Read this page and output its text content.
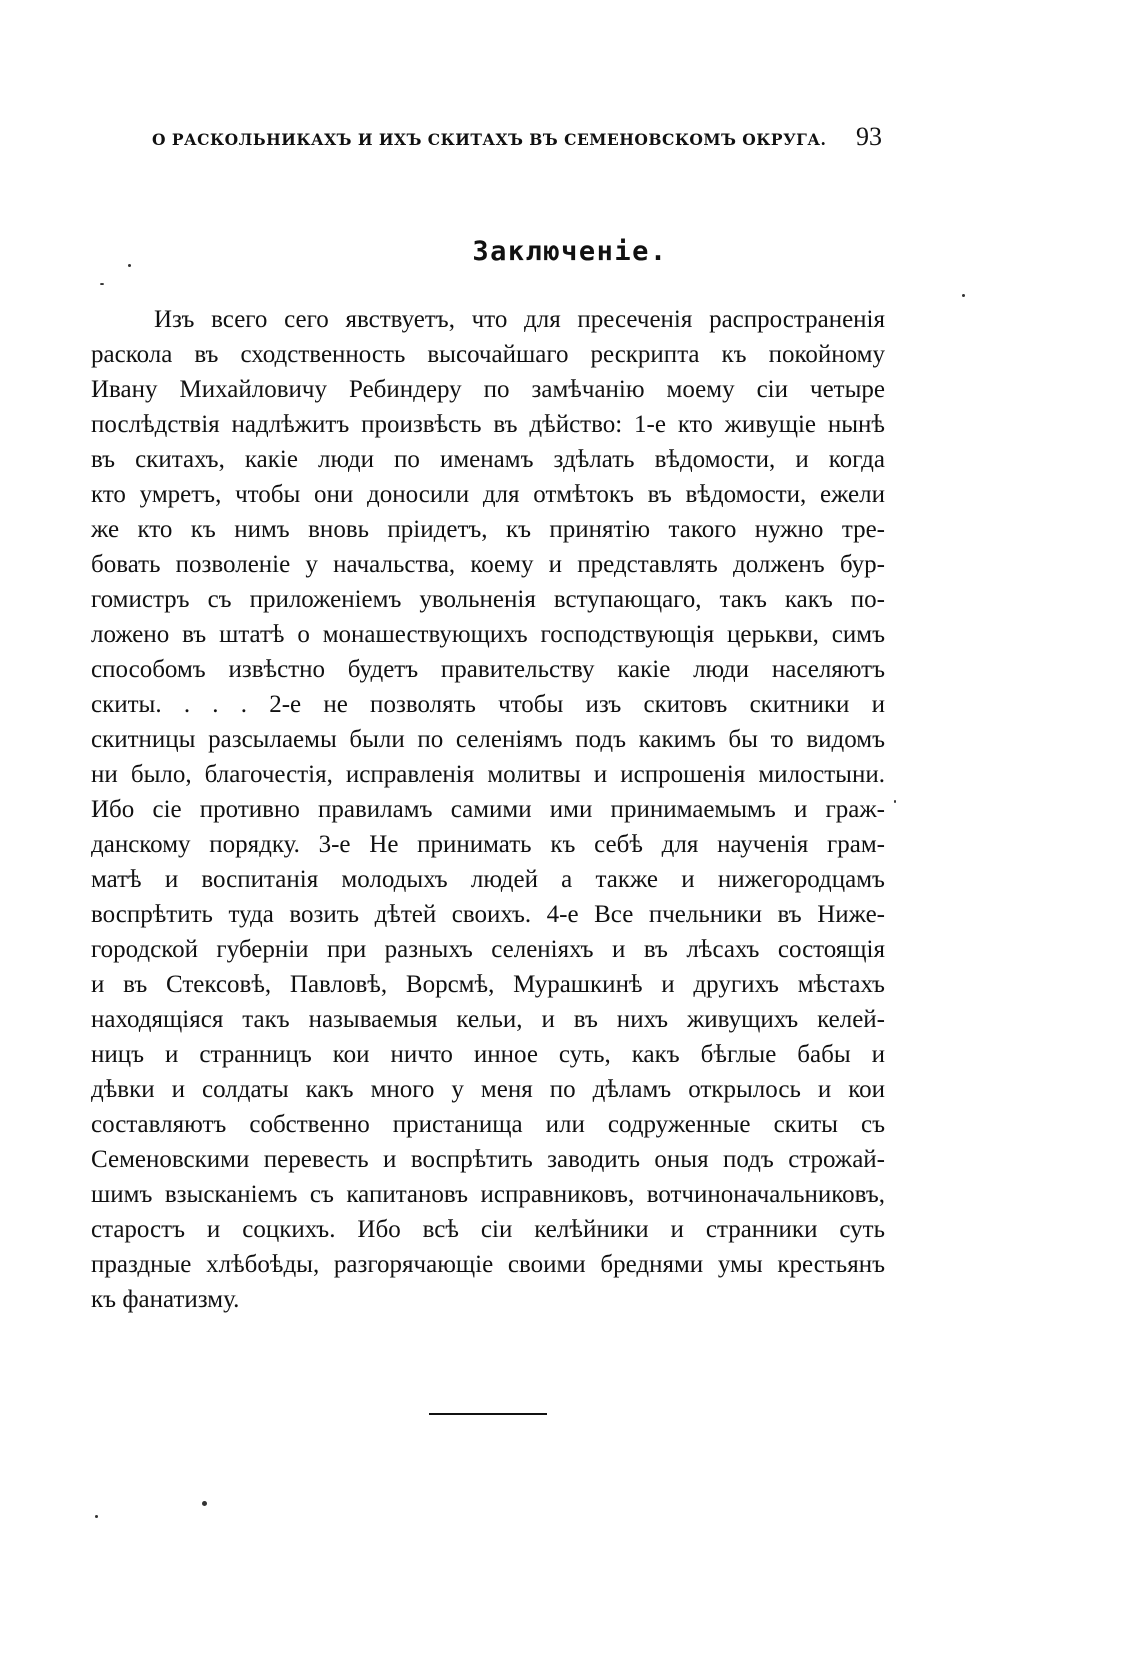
О РАСКОЛЬНИКАХЪ И ИХЪ СКИТАХЪ ВЪ СЕМЕНОВСКОМЪ ОКРУГА. 93
Заключенiе.
Изъ всего сего явствуетъ, что для пресеченiя распространенiя
раскола въ сходственность высочайшаго рескрипта къ покойному
Ивану Михайловичу Ребиндеру по замѣчанiю моему сiи четыре
послѣдствiя надлѣжитъ произвѣсть въ дѣйство: 1-е кто живущiе нынѣ
въ скитахъ, какiе люди по именамъ здѣлать вѣдомости, и когда
кто умретъ, чтобы они доносили для отмѣтокъ въ вѣдомости, ежели
же кто къ нимъ вновь прiидетъ, къ принятiю такого нужно тре-
бовать позволенiе у начальства, коему и представлять долженъ бур-
гомистръ съ приложенiемъ увольненiя вступающаго, такъ какъ по-
ложено въ штатѣ о монашествующихъ господствующiя церькви, симъ
способомъ извѣстно будетъ правительству какiе люди населяютъ
скиты. . . . 2-е не позволять чтобы изъ скитовъ скитники и
скитницы разсылаемы были по селенiямъ подъ какимъ бы то видомъ
ни было, благочестiя, исправленiя молитвы и испрошенiя милостыни.
Ибо сiе противно правиламъ самими ими принимаемымъ и граж-
данскому порядку. 3-е Не принимать къ себѣ для наученiя грам-
матѣ и воспитанiя молодыхъ людей а также и нижегородцамъ
воспрѣтить туда возить дѣтей своихъ. 4-е Все пчельники въ Ниже-
городской губернiи при разныхъ селенiяхъ и въ лѣсахъ состоящiя
и въ Стексовѣ, Павловѣ, Ворсмѣ, Мурашкинѣ и другихъ мѣстахъ
находящiяся такъ называемыя кельи, и въ нихъ живущихъ келей-
ницъ и странницъ кои ничто инное суть, какъ бѣглые бабы и
дѣвки и солдаты какъ много у меня по дѣламъ открылось и кои
составляютъ собственно пристанища или содруженные скиты съ
Семеновскими перевесть и воспрѣтить заводить оныя подъ строжай-
шимъ взысканiемъ съ капитановъ исправниковъ, вотчиноначальниковъ,
старостъ и соцкихъ. Ибо всѣ сiи келѣйники и странники суть
праздные хлѣбоѣды, разгорячающiе своими бреднями умы крестьянъ
къ фанатизму.
